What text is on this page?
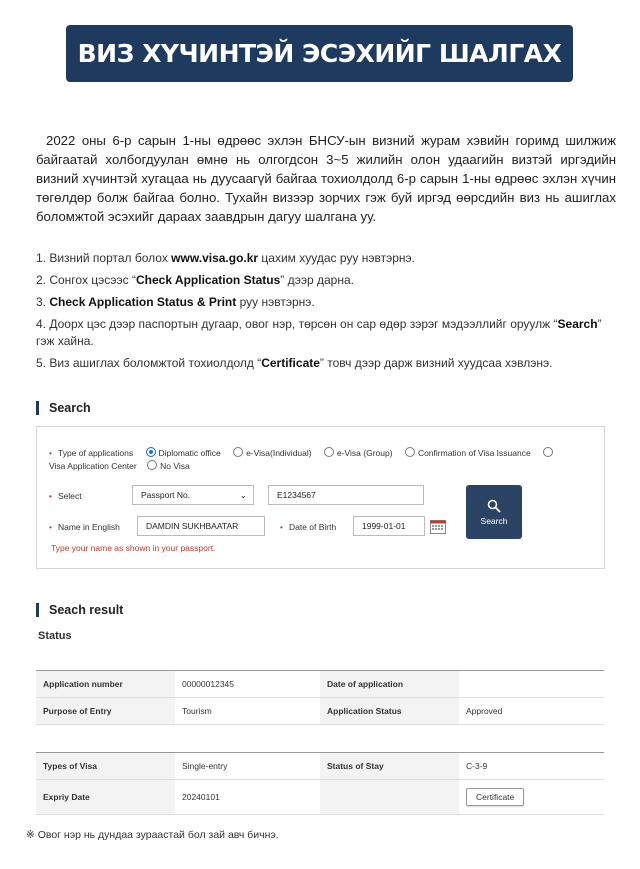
ВИЗ ХҮЧИНТЭЙ ЭСЭХИЙГ ШАЛГАХ

2022 оны 6-р сарын 1-ны өдрөөс эхлэн БНСУ-ын визний журам хэвийн горимд шилжиж байгаатай холбогдуулан өмнө нь олгогдсон 3~5 жилийн олон удаагийн визтэй иргэдийн визний хүчинтэй хугацаа нь дуусаагүй байгаа тохиолдолд 6-р сарын 1-ны өдрөөс эхлэн хүчин төгөлдөр болж байгаа болно. Тухайн визээр зорчих гэж буй иргэд өөрсдийн виз нь ашиглах боломжтой эсэхийг дараах заавдрын дагуу шалгана уу.

1. Визний портал болох www.visa.go.kr цахим хуудас руу нэвтэрнэ.
2. Сонгох цэсээс “Check Application Status” дээр дарна.
3. Check Application Status & Print руу нэвтэрнэ.
4. Доорх цэс дээр паспортын дугаар, овог нэр, төрсөн он сар өдөр зэрэг мэдээллийг оруулж “Search” гэж хайна.
5. Виз ашиглах боломжтой тохиолдолд “Certificate” товч дээр дарж визний хуудсаа хэвлэнэ.
Search
• Type of applications	Diplomatic office	e-Visa(Individual)	e-Visa (Group)	Confirmation of Visa Issuance
Visa Application Center	No Visa
• Select	Passport No.	⌄	E1234567
• Name in English	DAMDIN SUKHBAATAR	• Date of Birth	1999-01-01
Type your name as shown in your passport.
Search
Seach result
Status
Application number	00000012345	Date of application	
Purpose of Entry	Tourism	Application Status	Approved
Types of Visa	Single-entry	Status of Stay	C-3-9
Expriy Date	20240101		Certificate
※ Овог нэр нь дундаа зураастай бол зай авч бичнэ.
